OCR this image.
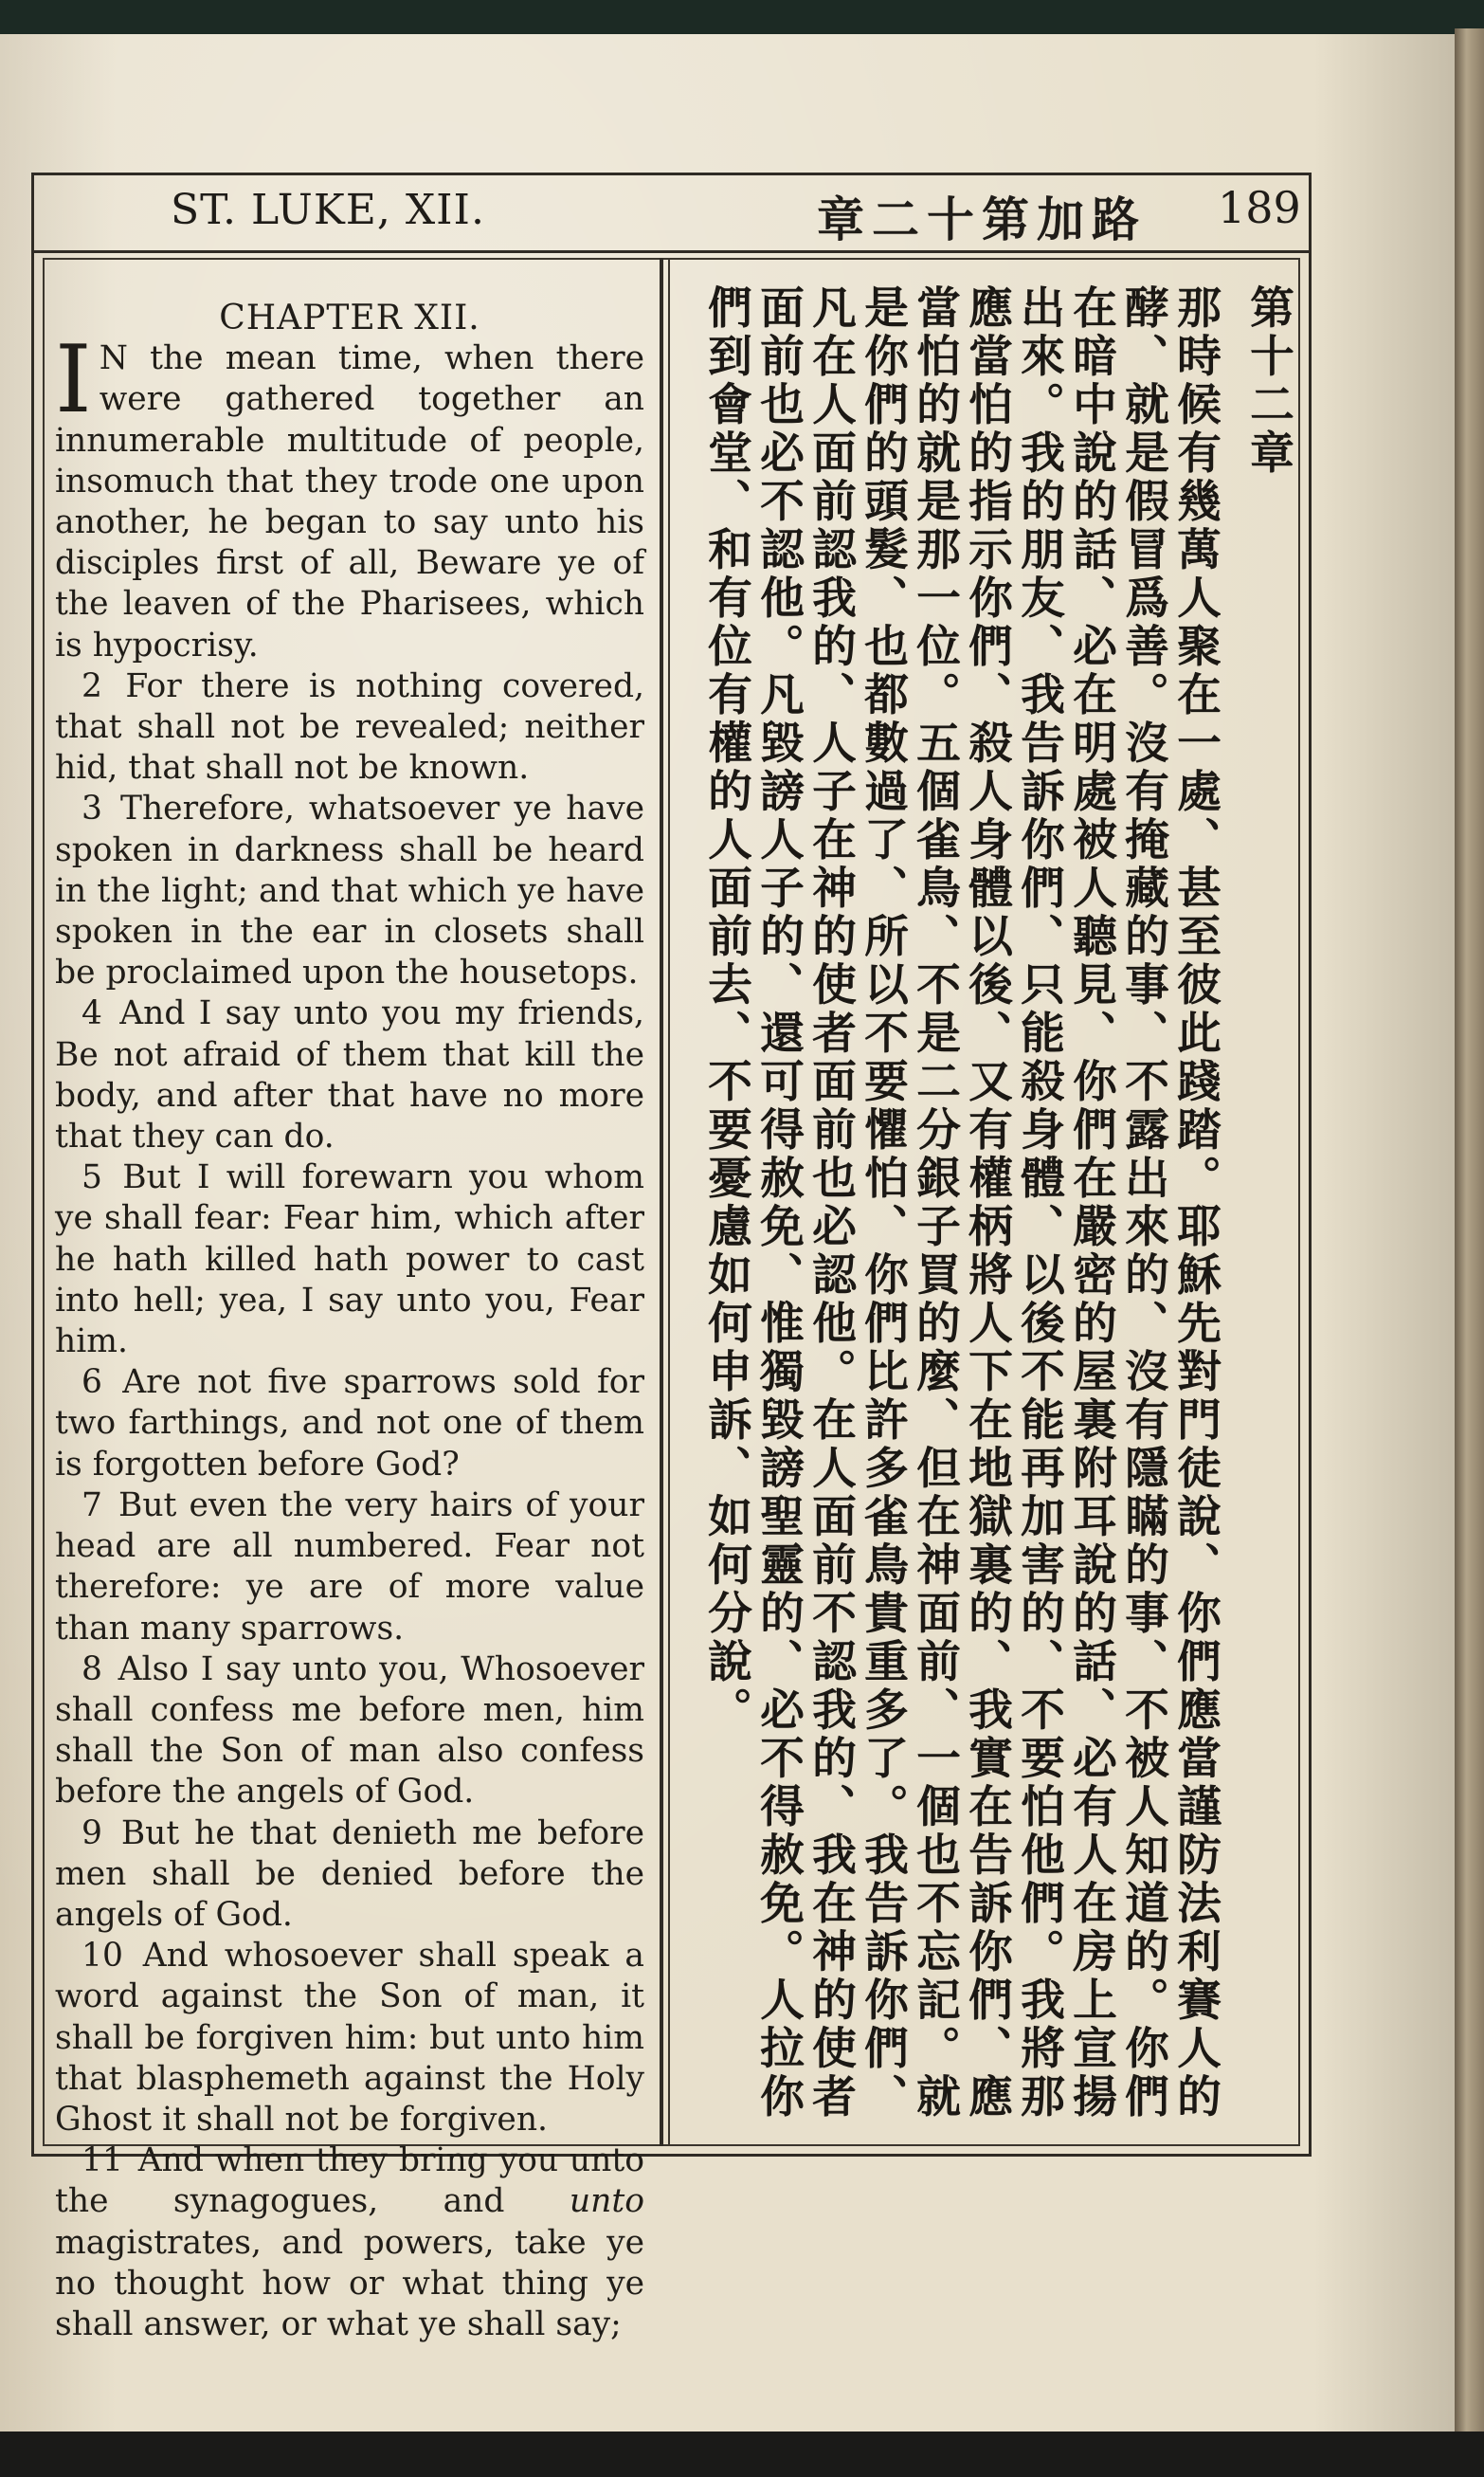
ST. LUKE, XII.	章二十第加路 189

CHAPTER XII.

I N the mean time, when there were gathered together an innumerable multitude of people, insomuch that they trode one upon another, he began to say unto his disciples first of all, Beware ye of the leaven of the Pharisees, which is hypocrisy.

2 For there is nothing covered, that shall not be revealed; neither hid, that shall not be known.

3 Therefore, whatsoever ye have spoken in darkness shall be heard in the light; and that which ye have spoken in the ear in closets shall be proclaimed upon the housetops.

4 And I say unto you my friends, Be not afraid of them that kill the body, and after that have no more that they can do.

5 But I will forewarn you whom ye shall fear: Fear him, which after he hath killed hath power to cast into hell; yea, I say unto you, Fear him.

6 Are not five sparrows sold for two farthings, and not one of them is forgotten before God?

7 But even the very hairs of your head are all numbered. Fear not therefore: ye are of more value than many sparrows.

8 Also I say unto you, Whosoever shall confess me before men, him shall the Son of man also confess before the angels of God.

9 But he that denieth me before men shall be denied before the angels of God.

10 And whosoever shall speak a word against the Son of man, it shall be forgiven him: but unto him that blasphemeth against the Holy Ghost it shall not be forgiven.

11 And when they bring you unto the synagogues, and unto magistrates, and powers, take ye no thought how or what thing ye shall answer, or what ye shall say;

第十二章

那時候有幾萬人聚在一處、甚至彼此踐踏。耶穌先對門徒說、你們應當謹防法利賽人的酵、就是假冒爲善。沒有掩藏的事、不露出來的、沒有隱瞞的事、不被人知道的。你們在暗中說的話、必在明處被人聽見、你們在嚴密的屋裏附耳說的話、必有人在房上宣揚出來。我的朋友、我告訴你們、只能殺身體、以後不能再加害的、不要怕他們。我將那應當怕的指示你們、殺人身體以後、又有權柄將人下在地獄裏的、我實在告訴你們、應當怕的就是那一位。五個雀鳥、不是二分銀子買的麼、但在神面前、一個也不忘記。就是你們的頭髮、也都數過了、所以不要懼怕、你們比許多雀鳥貴重多了。我告訴你們、凡在人面前認我的、人子在神的使者面前也必認他。在人面前不認我的、我在神的使者面前也必不認他。凡毀謗人子的、還可得赦免、惟獨毀謗聖靈的、必不得赦免。人拉你們到會堂、和有位有權的人面前去、不要憂慮如何申訴、如何分說。
